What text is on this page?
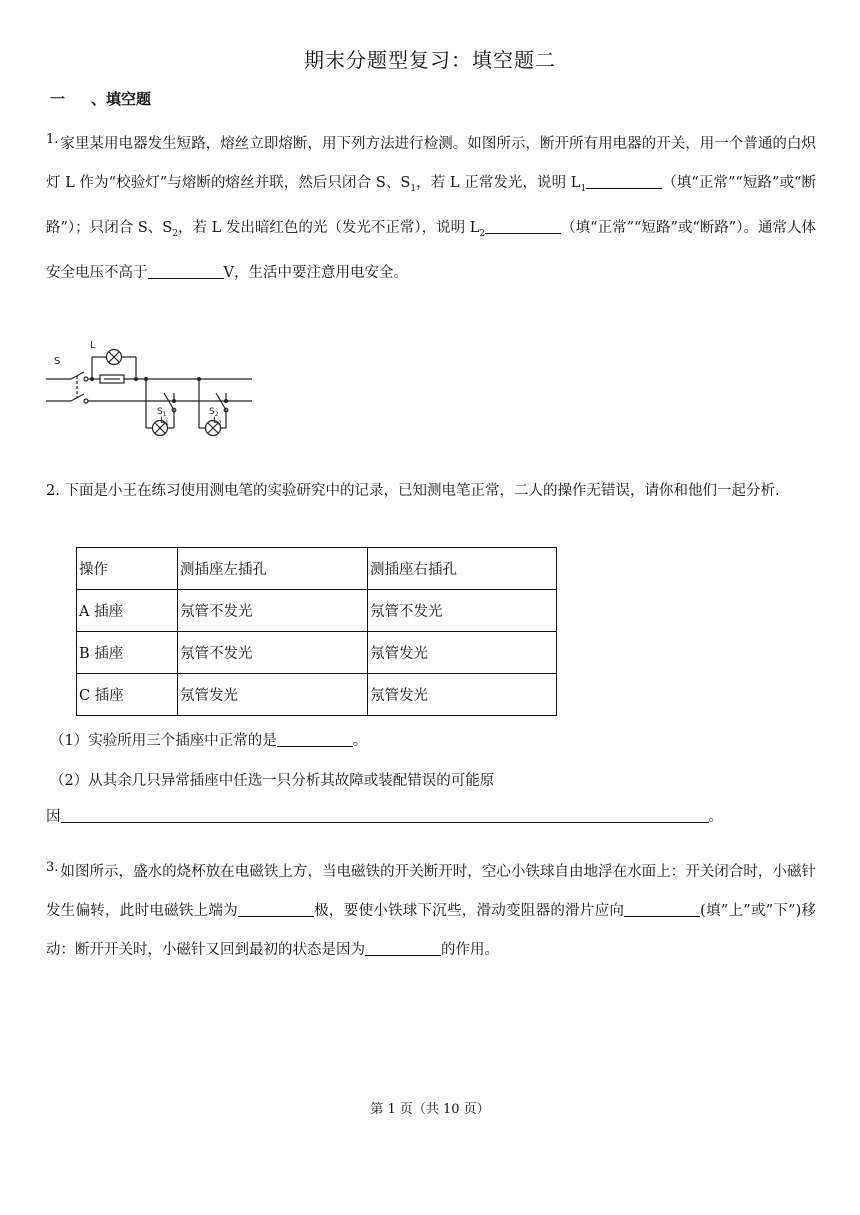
期末分题型复习：填空题二
一 、填空题
1. 家里某用电器发生短路，熔丝立即熔断，用下列方法进行检测。如图所示，断开所有用电器的开关，用一个普通的白炽灯 L 作为“校验灯”与熔断的熔丝并联，然后只闭合 S、$S_1$，若 L 正常发光，说明 $L_1$	（填“正常”“短路”或“断路”）；只闭合 S、$S_2$，若 L 发出暗红色的光（发光不正常），说明 $L_2$	（填“正常”“短路”或“断路”）。通常人体安全电压不高于	V，生活中要注意用电安全。
S
L
$S_1$
$L_1$
$S_2$
$L_2$
2. 下面是小王在练习使用测电笔的实验研究中的记录，已知测电笔正常，二人的操作无错误，请你和他们一起分析.
操作	测插座左插孔	测插座右插孔
A 插座	氖管不发光	氖管不发光
B 插座	氖管不发光	氖管发光
C 插座	氖管发光	氖管发光
（1）实验所用三个插座中正常的是	。
（2）从其余几只异常插座中任选一只分析其故障或装配错误的可能原
因	。
3. 如图所示，盛水的烧杯放在电磁铁上方，当电磁铁的开关断开时，空心小铁球自由地浮在水面上：开关闭合时，小磁针发生偏转，此时电磁铁上端为	极，要使小铁球下沉些，滑动变阻器的滑片应向	(填”上”或”下”)移动：断开开关时，小磁针又回到最初的状态是因为	的作用。
第 1 页（共 10 页）
